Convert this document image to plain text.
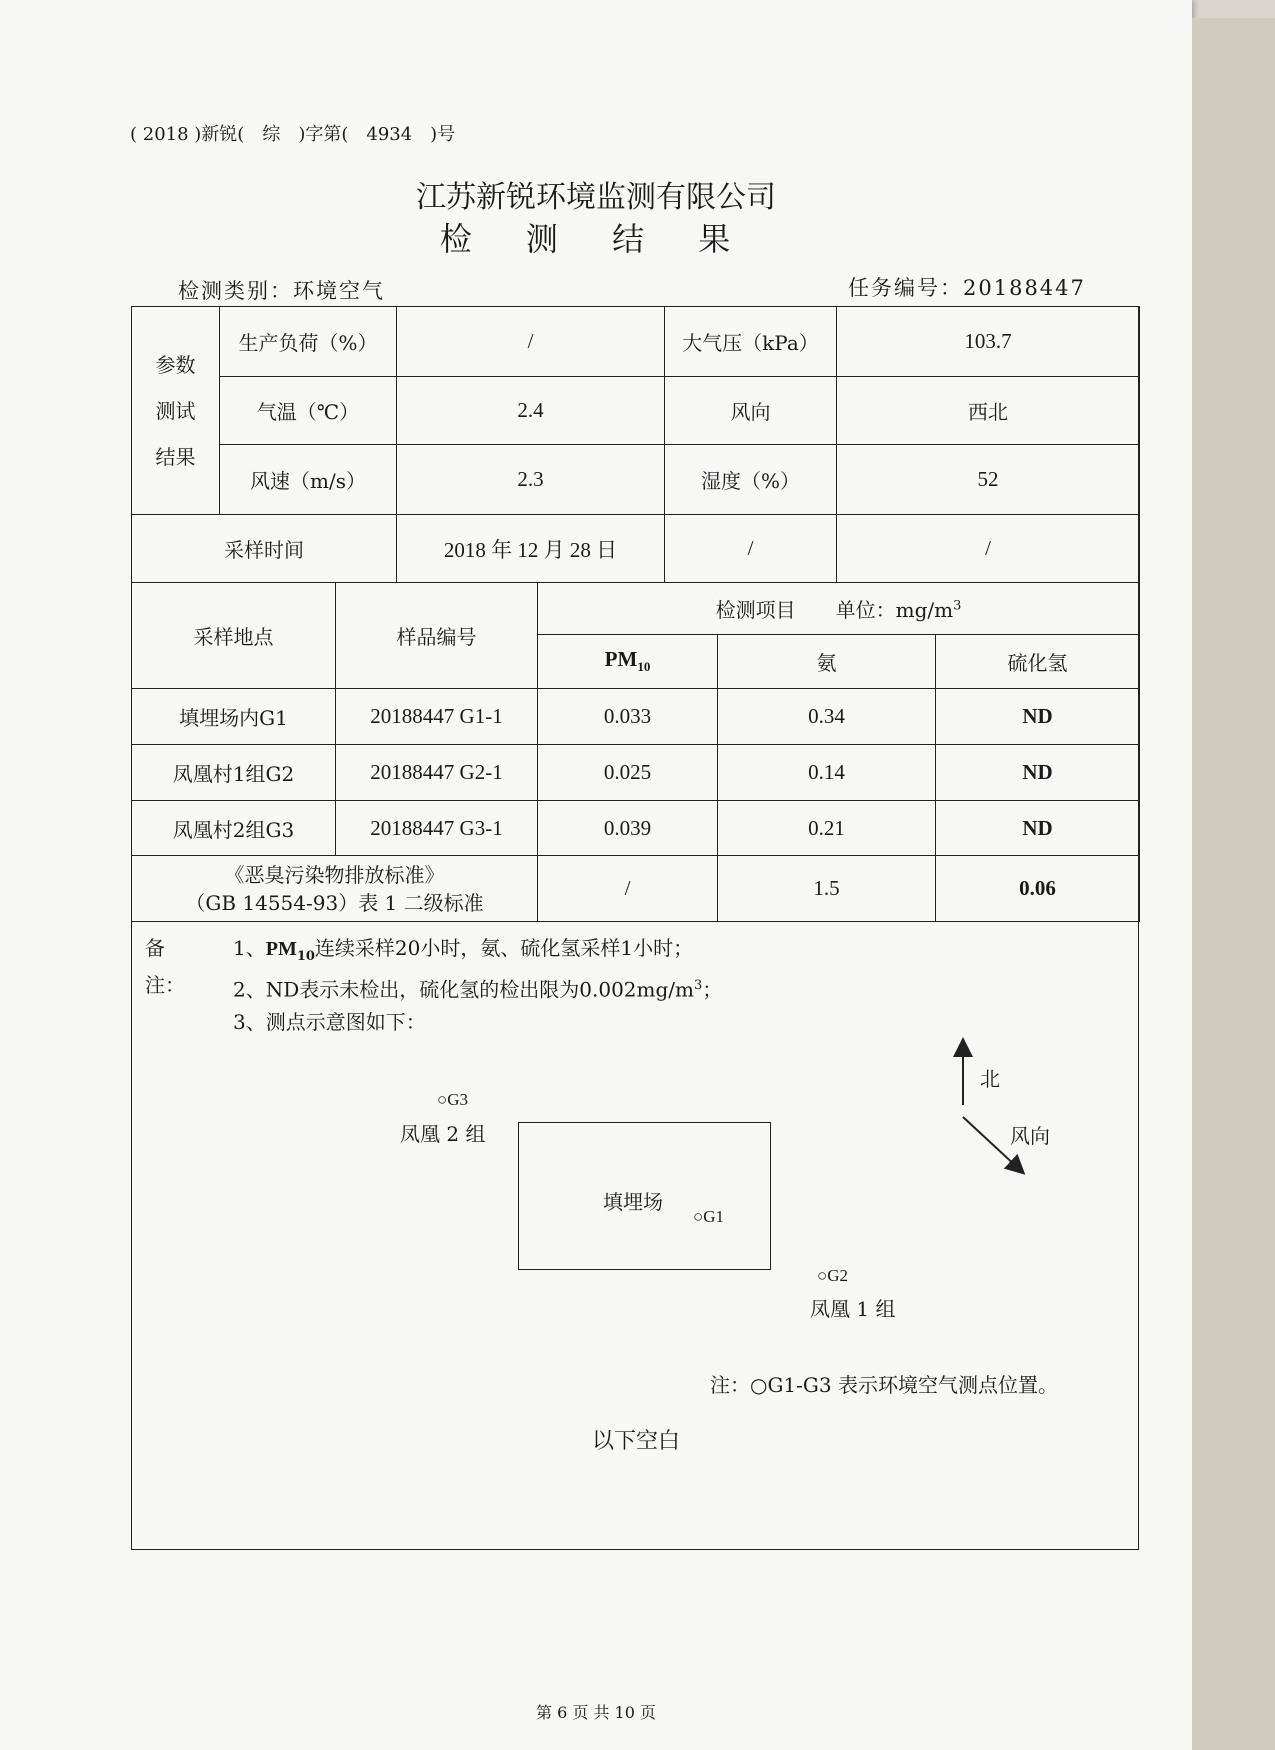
( 2018 )新锐(　综　)字第(　4934　)号
江苏新锐环境监测有限公司
检 测 结 果
检测类别：环境空气	任务编号：20188447
参数
测试
结果	生产负荷（%）	/	大气压（kPa）	103.7
	气温（℃）	2.4	风向	西北
	风速（m/s）	2.3	湿度（%）	52
采样时间	2018 年 12 月 28 日	/	/
采样地点	样品编号	检测项目　　单位：$mg/m^3$
		$PM_{10}$	氨	硫化氢
填埋场内G1	20188447 G1-1	0.033	0.34	ND
凤凰村1组G2	20188447 G2-1	0.025	0.14	ND
凤凰村2组G3	20188447 G3-1	0.039	0.21	ND
《恶臭污染物排放标准》
（GB 14554-93）表 1 二级标准
	/	1.5	0.06
备注：
1、$PM_{10}$连续采样20小时，氨、硫化氢采样1小时；
2、ND表示未检出，硫化氢的检出限为$0.002mg/m^3$；
3、测点示意图如下：
○G3
凤凰 2 组
填埋场
○G1
○G2
凤凰 1 组
北
风向
注：○G1-G3 表示环境空气测点位置。
以下空白
第 6 页 共 10 页
